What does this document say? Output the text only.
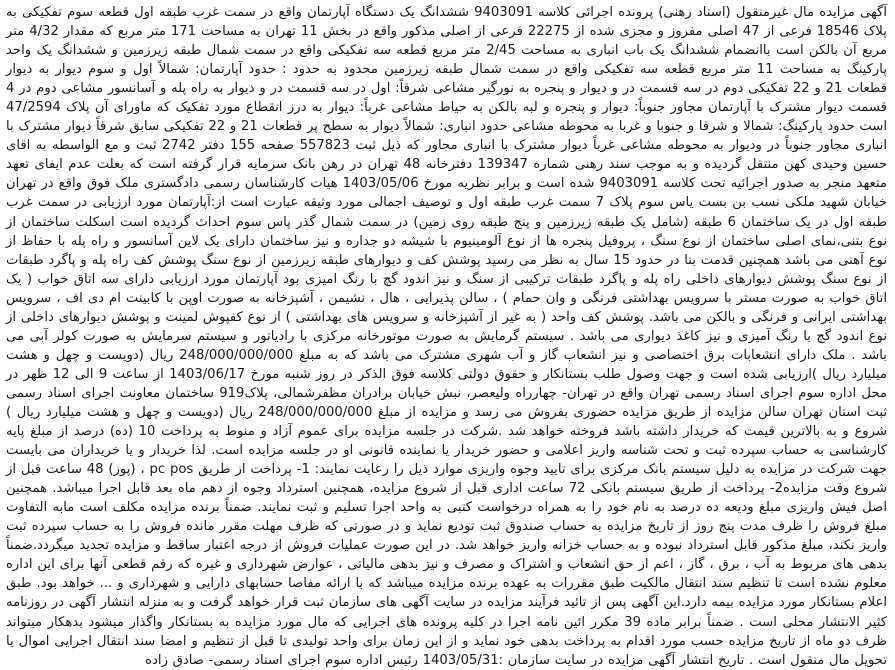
آگهی مزایده مال غیرمنقول (اسناد رهنی) پرونده اجرائی کلاسه 9403091 ششدانگ یک دستگاه آپارتمان واقع در سمت غرب طبقه اول قطعه سوم تفکیکی به پلاک 18546 فرعی از 47 اصلی مفروز و مجزی شده از 22275 فرعی از اصلی مذکور واقع در بخش 11 تهران به مساحت 171 متر مربع که مقدار 4/32 متر مربع آن بالکن است باانضمام ششدانگ یک باب انباری به مساحت 2/45 متر مربع قطعه سه تفکیکی واقع در سمت شمال طبقه زیرزمین و ششدانگ یک واحد پارکینگ به مساحت 11 متر مربع قطعه سه تفکیکی واقع در سمت شمال طبقه زیرزمین محدود به حدود : حدود آپارتمان: شمالاً اول و سوم دیوار به دیوار قطعات 21 و 22 تفکیکی دوم در سه قسمت در و دیوار و پنجره به نورگیر مشاعی شرقاً: اول در سه قسمت در و دیوار به راه پله و آسانسور مشاعی دوم در 4 قسمت دیوار مشترک با آپارتمان مجاور جنوباً: دیوار و پنجره و لبه بالکن به حیاط مشاعی غرباً: دیوار به درز انقطاع مورد تفکیک که ماورای آن پلاک 47/2594 است حدود پارکینگ: شمالا و شرقا و جنوبا و غربا به محوطه مشاعی حدود انباری: شمالاً دیوار به سطح پر قطعات 21 و 22 تفکیکی سابق شرقاً دیوار مشترک با انباری مجاور جنوباً در ودیوار به محوطه مشاعی غرباً دیوار مشترک با انباری مجاور که ذیل ثبت 557823 صفحه 155 دفتر 2742 ثبت و مع الواسطه به اقای حسین وحیدی کهن منتقل گردیده و به موجب سند رهنی شماره 139347 دفترخانه 48 تهران در رهن بانک سرمایه قرار گرفته است که بعلت عدم ایفای تعهد متعهد منجر به صدور اجرائیه تحت کلاسه 9403091 شده است و برابر نظریه مورخ 1403/05/06 هیات کارشناسان رسمی دادگستری ملک فوق واقع در تهران خیابان شهید ملکی نسب بن بست یاس سوم پلاک 7 سمت غرب طبقه اول و توصیف اجمالی مورد وثیقه عبارت است از:آپارتمان مورد ارزیابی در سمت غرب طبقه اول در یک ساختمان 6 طبقه (شامل یک طبقه زیرزمین و پنج طبقه روی زمین) در سمت شمال گذر پاس سوم احداث گردیده است اسکلت ساختمان از نوع بتنی،نمای اصلی ساختمان از نوع سنگ ، پروفیل پنجره ها از نوع آلومینیوم با شیشه دو جداره و نیز ساختمان دارای یک لاین آسانسور و راه پله با حفاظ از نوع آهنی می باشد همچنین قدمت بنا در حدود 15 سال به نظر می رسید پوشش کف و دیوارهای طبقه زیرزمین از نوع سنگ پوشش کف راه پله و پاگرد طبقات از نوع سنگ پوشش دیوارهای داخلی راه پله و پاگرد طبقات ترکیبی از سنگ و نیز اندود گچ با رنگ امیزی بود آپارتمان مورد ارزیابی دارای سه اتاق خواب ( یک اتاق خواب به صورت مستر با سرویس بهداشتی فرنگی و وان حمام ) ، سالن پذیرایی ، هال ، نشیمن ، آشپزخانه به صورت اوپن با کابینت ام دی اف ، سرویس بهداشتی ایرانی و فرنگی و بالکن می باشد. پوشش کف واحد ( به غیر از آشپزخانه و سرویس های بهداشتی ) از نوع کفپوش لمینت و پوشش دیوارهای داخلی از نوع اندود گچ با رنگ آمیزی و نیز کاغذ دیواری می باشد . سیستم گرمایش به صورت موتورخانه مرکزی با رادیاتور و سیستم سرمایش به صورت کولر آبی می باشد . ملک دارای انشعابات برق اختصاصی و نیز انشعاب گاز و آب شهری مشترک می باشد که به مبلغ 248/000/000/000 ریال (دویست و چهل و هشت میلیارد ریال )ارزیابی شده است و جهت وصول طلب بستانکار و حقوق دولتی کلاسه فوق الذکر در روز شنبه مورخ 1403/06/17 از ساعت 9 الی 12 ظهر در محل اداره سوم اجرای اسناد رسمی تهران واقع در تهران- چهارراه ولیعصر، نبش خیابان برادران مظفرشمالی، پلاک919 ساختمان معاونت اجرای اسناد رسمی ثبت استان تهران سالن مزایده از طریق مزایده حضوری بفروش می رسد و مزایده از مبلغ 248/000/000/000 ریال (دویست و چهل و هشت میلیارد ریال ) شروع و به بالاترین قیمت که خریدار داشته باشد فروخته خواهد شد .شرکت در جلسه مزایده برای عموم آزاد و منوط به پرداخت 10 (ده) درصد از مبلغ پایه کارشناسی به حساب سپرده ثبت و تحت شناسه واریز اعلامی و حضور خریدار یا نماینده قانونی او در جلسه مزایده است. لذا خریدار و یا خریداران می بایست جهت شرکت در مزایده به دلیل سیستم بانک مرکزی برای تایید وجوه واریزی موارد ذیل را رعایت نمایند: 1- پرداخت از طریق pc pos ، (پوز) 48 ساعت قبل از شروع وقت مزایده2- پرداخت از طریق سیستم بانکی 72 ساعت اداری قبل از شروع مزایده، همچنین استرداد وجوه از دهم ماه بعد قابل اجرا میباشد. همچنین اصل فیش واریزی مبلغ ودیعه ده درصد به نام خود را به همراه درخواست کتبی به واحد اجرا تسلیم و ثبت نمایند. ضمناً برنده مزایده مکلف است مابه التفاوت مبلغ فروش را ظرف مدت پنج روز از تاریخ مزایده به حساب صندوق ثبت تودیع نماید و در صورتی که ظرف مهلت مقرر مانده فروش را به حساب سپرده ثبت واریز نکند، مبلغ مذکور قابل استرداد نبوده و به حساب خزانه واریز خواهد شد. در این صورت عملیات فروش از درجه اعتبار ساقط و مزایده تجدید میگردد.ضمناً بدهی های مربوط به آب ، برق ، گاز ، اعم از حق انشعاب و اشتراک و مصرف و نیز بدهی مالیاتی ، عوارض شهرداری و غیره که رقم قطعی آنها برای این اداره معلوم نشده است تا تنظیم سند انتقال مالکیت طبق مقررات به عهده برنده مزایده میباشد که با ارائه مفاصا حسابهای دارایی و شهرداری و ... خواهد بود. طبق اعلام بستانکار مورد مزایده بیمه دارد.این آگهی پس از تائید فرآیند مزایده در سایت آگهی های سازمان ثبت قرار خواهد گرفت و به منزله انتشار آگهی در روزنامه کثیر الانتشار محلی است . ضمناً برابر ماده 39 مکرر ائین نامه اجرا در کلیه پرونده های اجرایی که مال مورد مزایده به بستانکار واگذار میشود بدهکار میتواند ظرف دو ماه از تاریخ مزایده حسب مورد اقدام به پرداخت بدهی خود نماید و از این زمان برای واحد تولیدی تا قبل از تنظیم و امضا سند انتقال اجرایی اموال یا تحویل مال منقول است . تاریخ انتشار آگهی مزایده در سایت سازمان :1403/05/31 رئیس اداره سوم اجرای اسناد رسمی- صادق زاده
